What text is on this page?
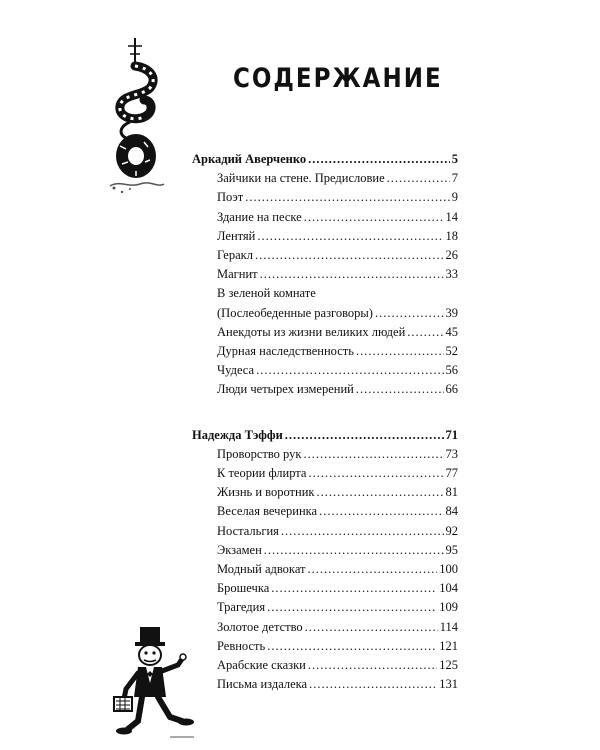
СОДЕРЖАНИЕ
Аркадий Аверченко .....	5
Зайчики на стене. Предисловие .....	7
Поэт .....	9
Здание на песке .....	14
Лентяй .....	18
Геракл .....	26
Магнит .....	33
В зеленой комнате
(Послеобеденные разговоры) .....	39
Анекдоты из жизни великих людей .....	45
Дурная наследственность .....	52
Чудеса .....	56
Люди четырех измерений .....	66
Надежда Тэффи .....	71
Проворство рук .....	73
К теории флирта .....	77
Жизнь и воротник .....	81
Веселая вечеринка .....	84
Ностальгия .....	92
Экзамен .....	95
Модный адвокат .....	100
Брошечка .....	104
Трагедия .....	109
Золотое детство .....	114
Ревность .....	121
Арабские сказки .....	125
Письма издалека .....	131
